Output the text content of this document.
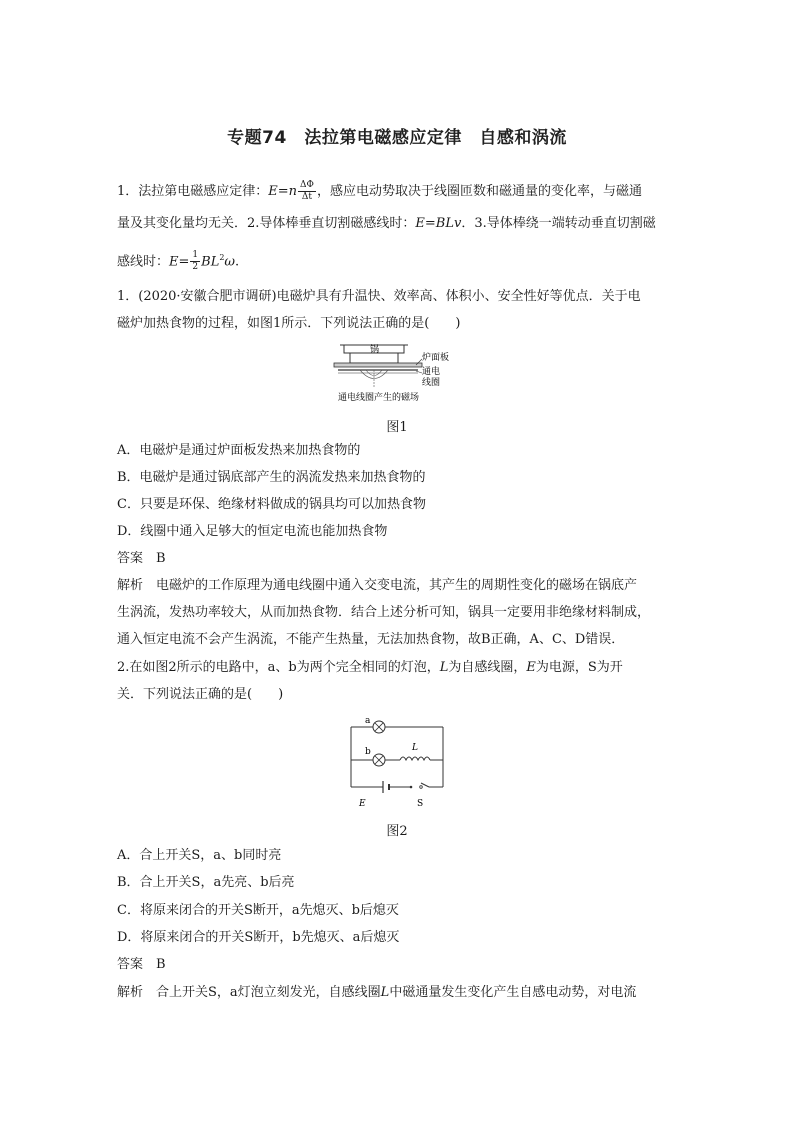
专题74　法拉第电磁感应定律　自感和涡流
1．法拉第电磁感应定律：$E=n \frac{\Delta\Phi}{\Delta t}$ ，感应电动势取决于线圈匝数和磁通量的变化率，与磁通
量及其变化量均无关．2.导体棒垂直切割磁感线时：E=BLv．3.导体棒绕一端转动垂直切割磁
感线时：$E= \frac{1}{2} BL^2\omega$.
1．(2020·安徽合肥市调研)电磁炉具有升温快、效率高、体积小、安全性好等优点．关于电
磁炉加热食物的过程，如图1所示．下列说法正确的是(　　)
锅
炉面板
通电
线圈
通电线圈产生的磁场
图1
A．电磁炉是通过炉面板发热来加热食物的
B．电磁炉是通过锅底部产生的涡流发热来加热食物的
C．只要是环保、绝缘材料做成的锅具均可以加热食物
D．线圈中通入足够大的恒定电流也能加热食物
答案　B
解析　电磁炉的工作原理为通电线圈中通入交变电流，其产生的周期性变化的磁场在锅底产
生涡流，发热功率较大，从而加热食物．结合上述分析可知，锅具一定要用非绝缘材料制成，
通入恒定电流不会产生涡流，不能产生热量，无法加热食物，故B正确，A、C、D错误．
2.在如图2所示的电路中，a、b为两个完全相同的灯泡，L为自感线圈，E为电源，S为开
关．下列说法正确的是(　　)
a
b	L
E	S
图2
A．合上开关S，a、b同时亮
B．合上开关S，a先亮、b后亮
C．将原来闭合的开关S断开，a先熄灭、b后熄灭
D．将原来闭合的开关S断开，b先熄灭、a后熄灭
答案　B
解析　合上开关S，a灯泡立刻发光，自感线圈L中磁通量发生变化产生自感电动势，对电流
